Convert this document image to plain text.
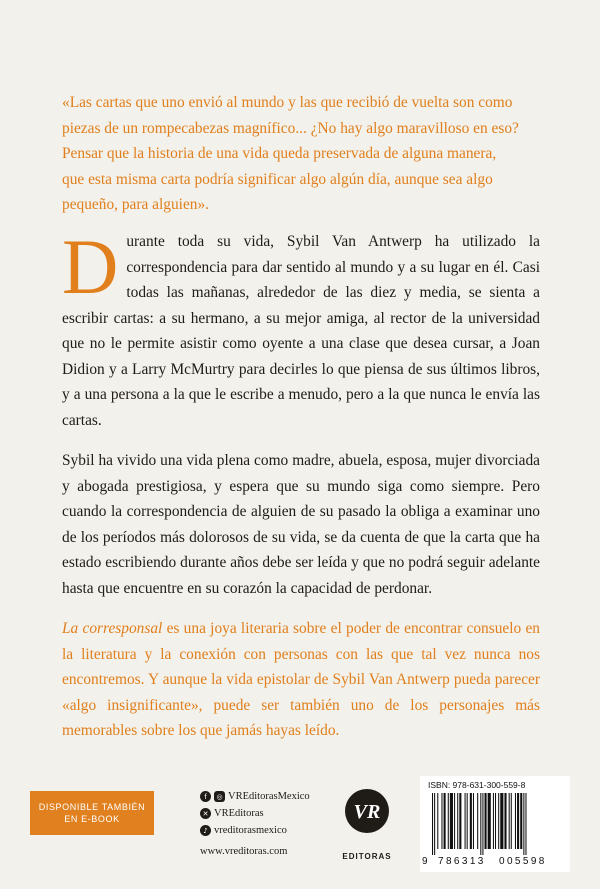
«Las cartas que uno envió al mundo y las que recibió de vuelta son como
piezas de un rompecabezas magnífico... ¿No hay algo maravilloso en eso?
Pensar que la historia de una vida queda preservada de alguna manera,
que esta misma carta podría significar algo algún día, aunque sea algo
pequeño, para alguien».

Durante toda su vida, Sybil Van Antwerp ha utilizado la correspondencia para dar sentido al mundo y a su lugar en él. Casi todas las mañanas, alrededor de las diez y media, se sienta a escribir cartas: a su hermano, a su mejor amiga, al rector de la universidad que no le permite asistir como oyente a una clase que desea cursar, a Joan Didion y a Larry McMurtry para decirles lo que piensa de sus últimos libros, y a una persona a la que le escribe a menudo, pero a la que nunca le envía las cartas.

Sybil ha vivido una vida plena como madre, abuela, esposa, mujer divorciada y abogada prestigiosa, y espera que su mundo siga como siempre. Pero cuando la correspondencia de alguien de su pasado la obliga a examinar uno de los períodos más dolorosos de su vida, se da cuenta de que la carta que ha estado escribiendo durante años debe ser leída y que no podrá seguir adelante hasta que encuentre en su corazón la capacidad de perdonar.

La corresponsal es una joya literaria sobre el poder de encontrar consuelo en la literatura y la conexión con personas con las que tal vez nunca nos encontremos. Y aunque la vida epistolar de Sybil Van Antwerp pueda parecer «algo insignificante», puede ser también uno de los personajes más memorables sobre los que jamás hayas leído.

DISPONIBLE TAMBIÉN
EN E-BOOK
f	◎ VREditorasMexico
✕ VREditoras
♪ vreditorasmexico
www.vreditoras.com
VR
EDITORAS
ISBN: 978-631-300-559-8
9 786313 005598
